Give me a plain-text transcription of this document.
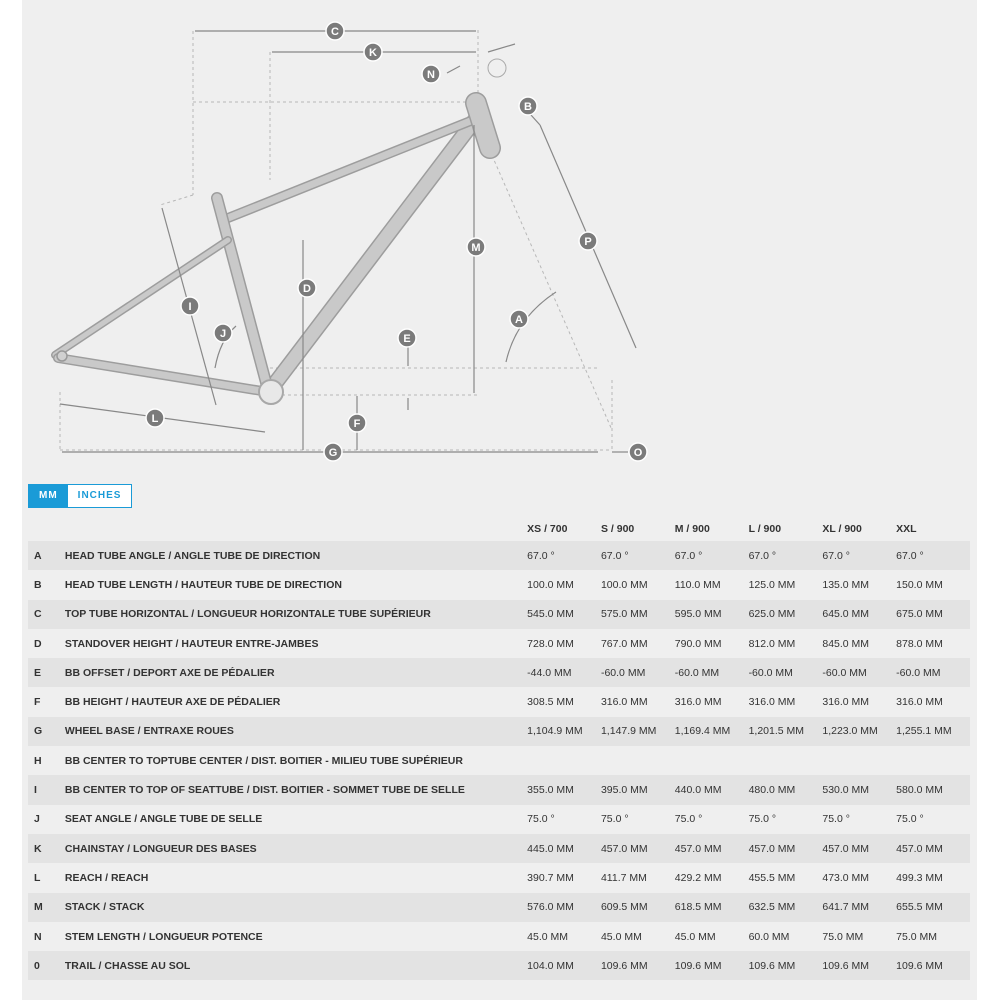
C
K
N
B
P
M
D
I
J
A
E
L	F
G	O
MM	INCHES
		XS / 700	S / 900	M / 900	L / 900	XL / 900	XXL
A	HEAD TUBE ANGLE / ANGLE TUBE DE DIRECTION	67.0 °	67.0 °	67.0 °	67.0 °	67.0 °	67.0 °
B	HEAD TUBE LENGTH / HAUTEUR TUBE DE DIRECTION	100.0 MM	100.0 MM	110.0 MM	125.0 MM	135.0 MM	150.0 MM
C	TOP TUBE HORIZONTAL / LONGUEUR HORIZONTALE TUBE SUPÉRIEUR	545.0 MM	575.0 MM	595.0 MM	625.0 MM	645.0 MM	675.0 MM
D	STANDOVER HEIGHT / HAUTEUR ENTRE-JAMBES	728.0 MM	767.0 MM	790.0 MM	812.0 MM	845.0 MM	878.0 MM
E	BB OFFSET / DEPORT AXE DE PÉDALIER	-44.0 MM	-60.0 MM	-60.0 MM	-60.0 MM	-60.0 MM	-60.0 MM
F	BB HEIGHT / HAUTEUR AXE DE PÉDALIER	308.5 MM	316.0 MM	316.0 MM	316.0 MM	316.0 MM	316.0 MM
G	WHEEL BASE / ENTRAXE ROUES	1,104.9 MM	1,147.9 MM	1,169.4 MM	1,201.5 MM	1,223.0 MM	1,255.1 MM
H	BB CENTER TO TOPTUBE CENTER / DIST. BOITIER - MILIEU TUBE SUPÉRIEUR						
I	BB CENTER TO TOP OF SEATTUBE / DIST. BOITIER - SOMMET TUBE DE SELLE	355.0 MM	395.0 MM	440.0 MM	480.0 MM	530.0 MM	580.0 MM
J	SEAT ANGLE / ANGLE TUBE DE SELLE	75.0 °	75.0 °	75.0 °	75.0 °	75.0 °	75.0 °
K	CHAINSTAY / LONGUEUR DES BASES	445.0 MM	457.0 MM	457.0 MM	457.0 MM	457.0 MM	457.0 MM
L	REACH / REACH	390.7 MM	411.7 MM	429.2 MM	455.5 MM	473.0 MM	499.3 MM
M	STACK / STACK	576.0 MM	609.5 MM	618.5 MM	632.5 MM	641.7 MM	655.5 MM
N	STEM LENGTH / LONGUEUR POTENCE	45.0 MM	45.0 MM	45.0 MM	60.0 MM	75.0 MM	75.0 MM
0	TRAIL / CHASSE AU SOL	104.0 MM	109.6 MM	109.6 MM	109.6 MM	109.6 MM	109.6 MM
